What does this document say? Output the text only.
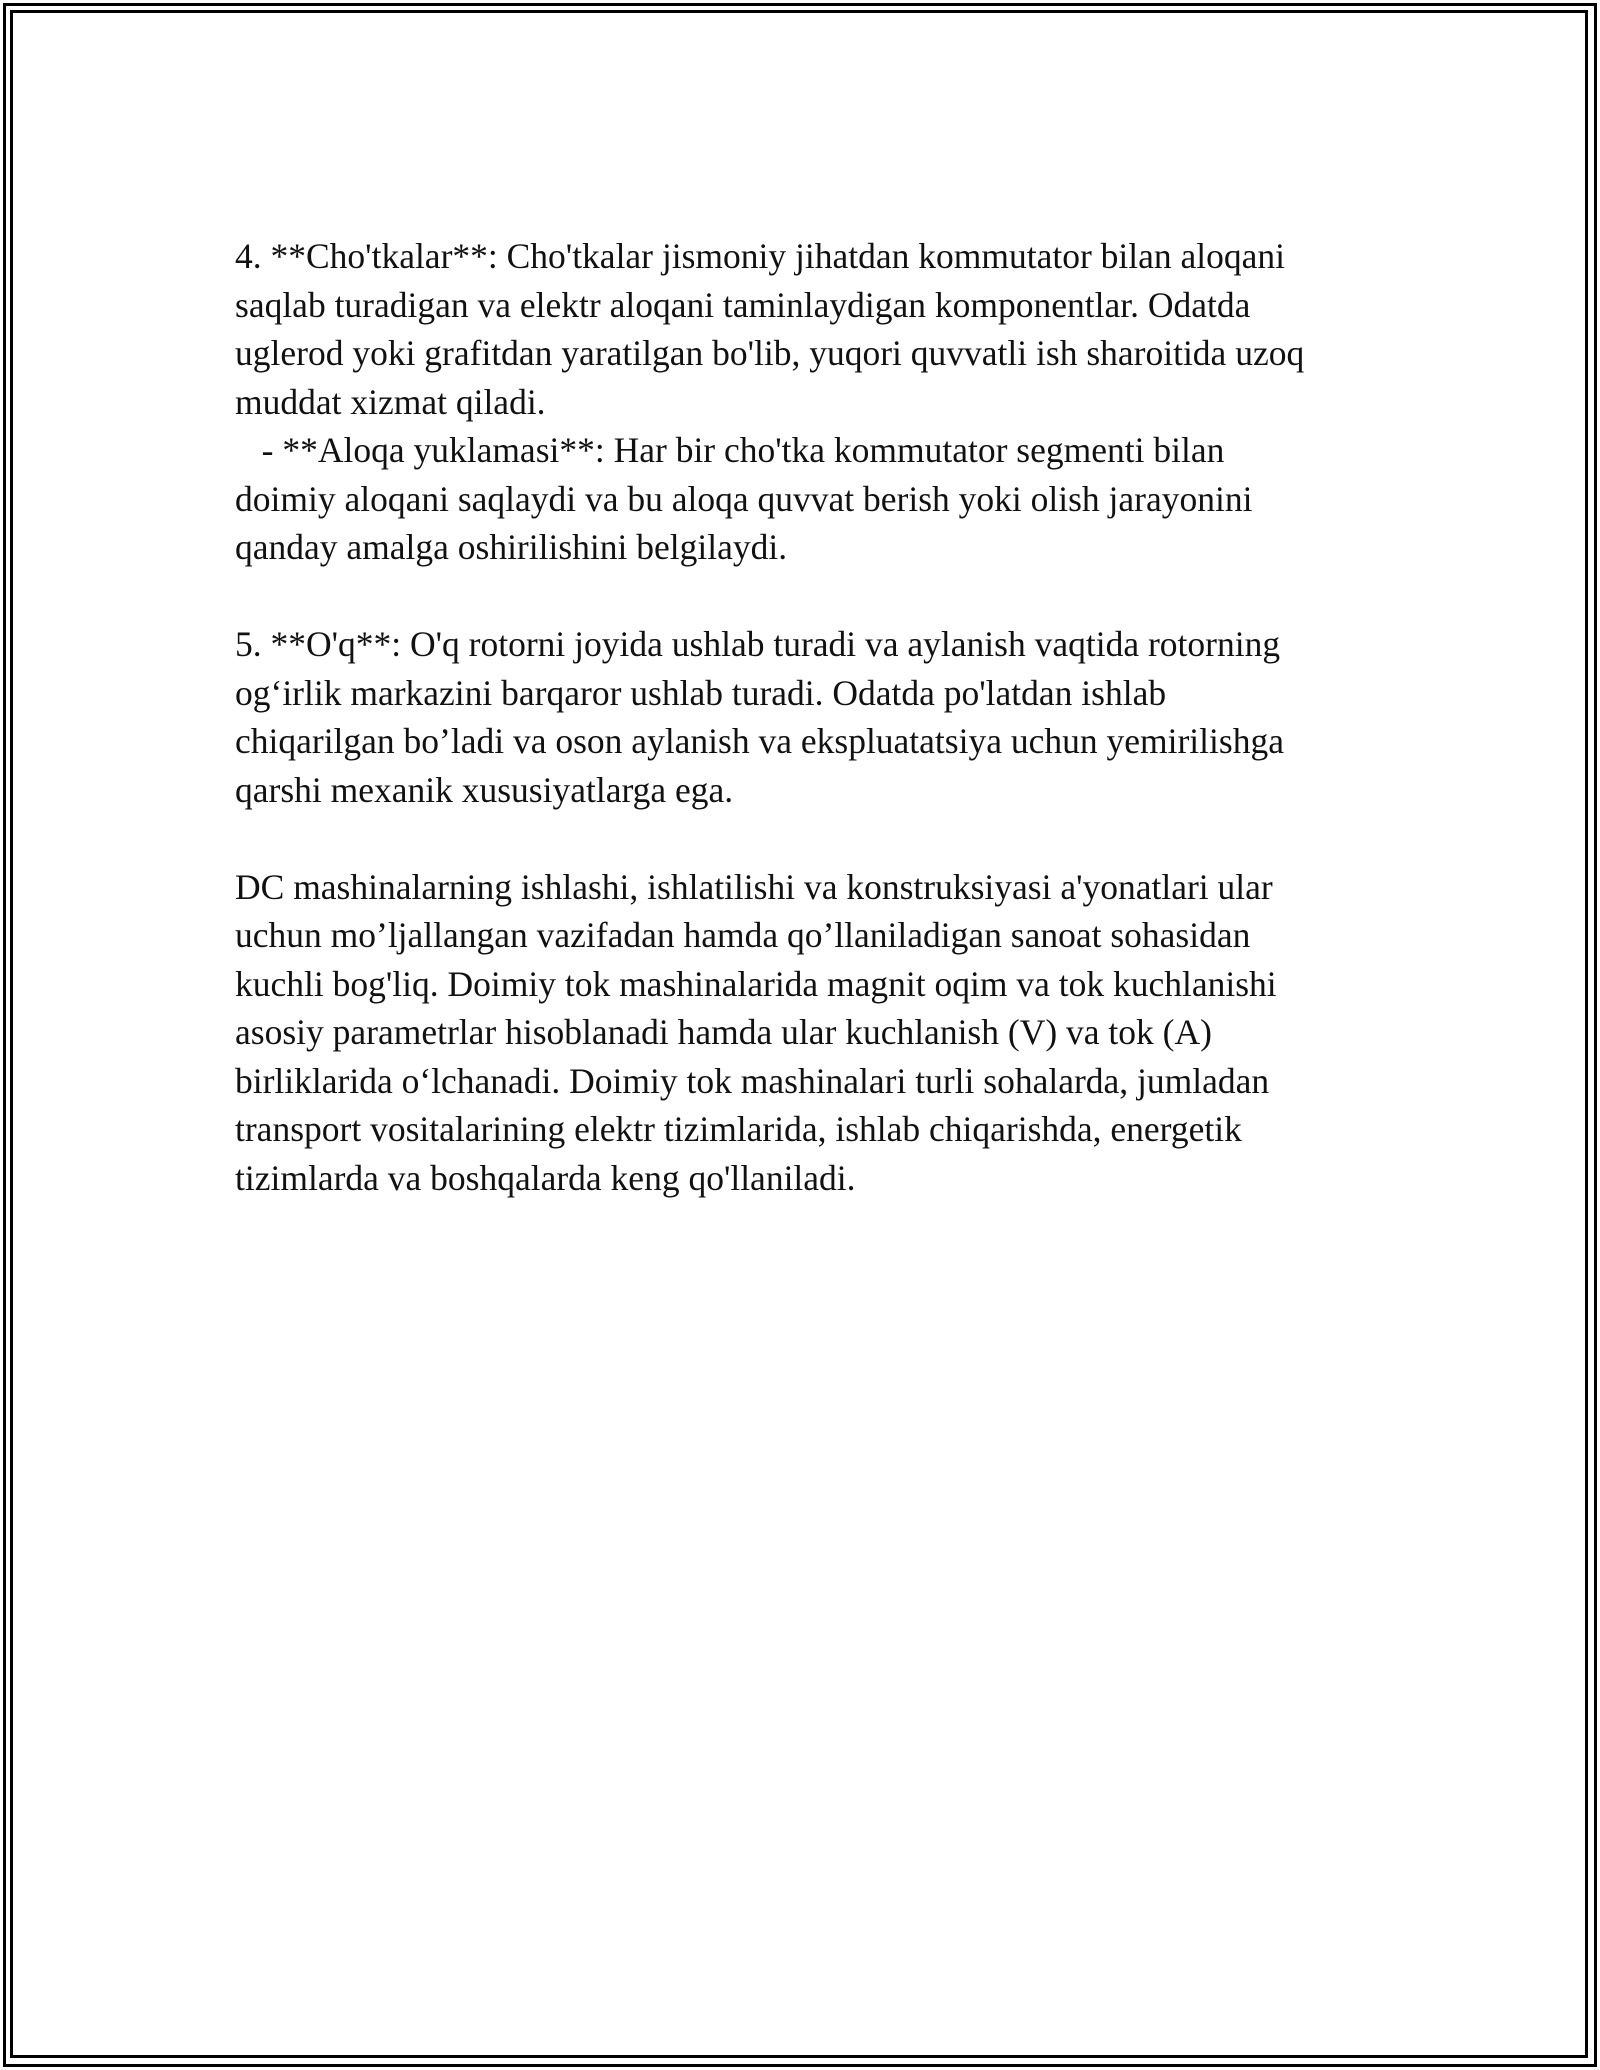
4. **Cho'tkalar**: Cho'tkalar jismoniy jihatdan kommutator bilan aloqani
saqlab turadigan va elektr aloqani taminlaydigan komponentlar. Odatda
uglerod yoki grafitdan yaratilgan bo'lib, yuqori quvvatli ish sharoitida uzoq
muddat xizmat qiladi.
- **Aloqa yuklamasi**: Har bir cho'tka kommutator segmenti bilan
doimiy aloqani saqlaydi va bu aloqa quvvat berish yoki olish jarayonini
qanday amalga oshirilishini belgilaydi.
5. **O'q**: O'q rotorni joyida ushlab turadi va aylanish vaqtida rotorning
og‘irlik markazini barqaror ushlab turadi. Odatda po'latdan ishlab
chiqarilgan bo’ladi va oson aylanish va ekspluatatsiya uchun yemirilishga
qarshi mexanik xususiyatlarga ega.
DC mashinalarning ishlashi, ishlatilishi va konstruksiyasi a'yonatlari ular
uchun mo’ljallangan vazifadan hamda qo’llaniladigan sanoat sohasidan
kuchli bog'liq. Doimiy tok mashinalarida magnit oqim va tok kuchlanishi
asosiy parametrlar hisoblanadi hamda ular kuchlanish (V) va tok (A)
birliklarida o‘lchanadi. Doimiy tok mashinalari turli sohalarda, jumladan
transport vositalarining elektr tizimlarida, ishlab chiqarishda, energetik
tizimlarda va boshqalarda keng qo'llaniladi.
